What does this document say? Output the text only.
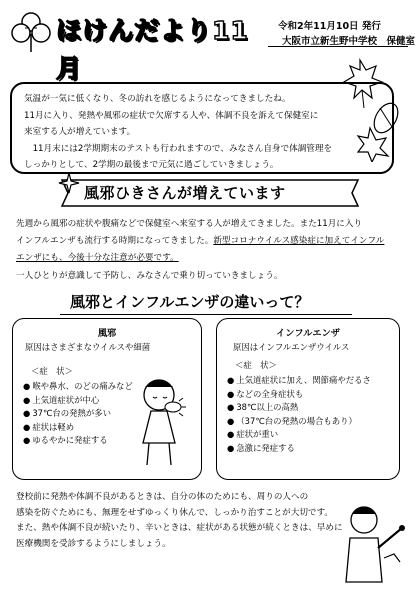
ほけんだより11月
令和2年11月10日 発行
大阪市立新生野中学校　保健室

気温が一気に低くなり、冬の訪れを感じるようになってきましたね。

11月に入り、発熱や風邪の症状で欠席する人や、体調不良を訴えて保健室に

来室する人が増えています。

　11月末には2学期期末のテストも行われますので、みなさん自身で体調管理を

しっかりとして、2学期の最後まで元気に過ごしていきましょう。

風邪ひきさんが増えています

先週から風邪の症状や腹痛などで保健室へ来室する人が増えてきました。また11月に入り

インフルエンザも流行する時期になってきました。新型コロナウイルス感染症に加えてインフル

エンザにも、今後十分な注意が必要です。

一人ひとりが意識して予防し、みなさんで乗り切っていきましょう。

風邪とインフルエンザの違いって？
風邪
原因はさまざまなウイルスや細菌
＜症　状＞
● 喉や鼻水、のどの痛みなど
● 上気道症状が中心
● 37℃台の発熱が多い
● 症状は軽め
● ゆるやかに発症する
インフルエンザ
原因はインフルエンザウイルス
＜症　状＞
● 上気道症状に加え、関節痛やだるさ
● などの全身症状も
● 38℃以上の高熱
● （37℃台の発熱の場合もあり）
● 症状が重い
● 急激に発症する

登校前に発熱や体調不良があるときは、自分の体のためにも、周りの人への

感染を防ぐためにも、無理をせずゆっくり休んで、しっかり治すことが大切です。

また、熱や体調不良が続いたり、辛いときは、症状がある状態が続くときは、早めに

医療機関を受診するようにしましょう。
